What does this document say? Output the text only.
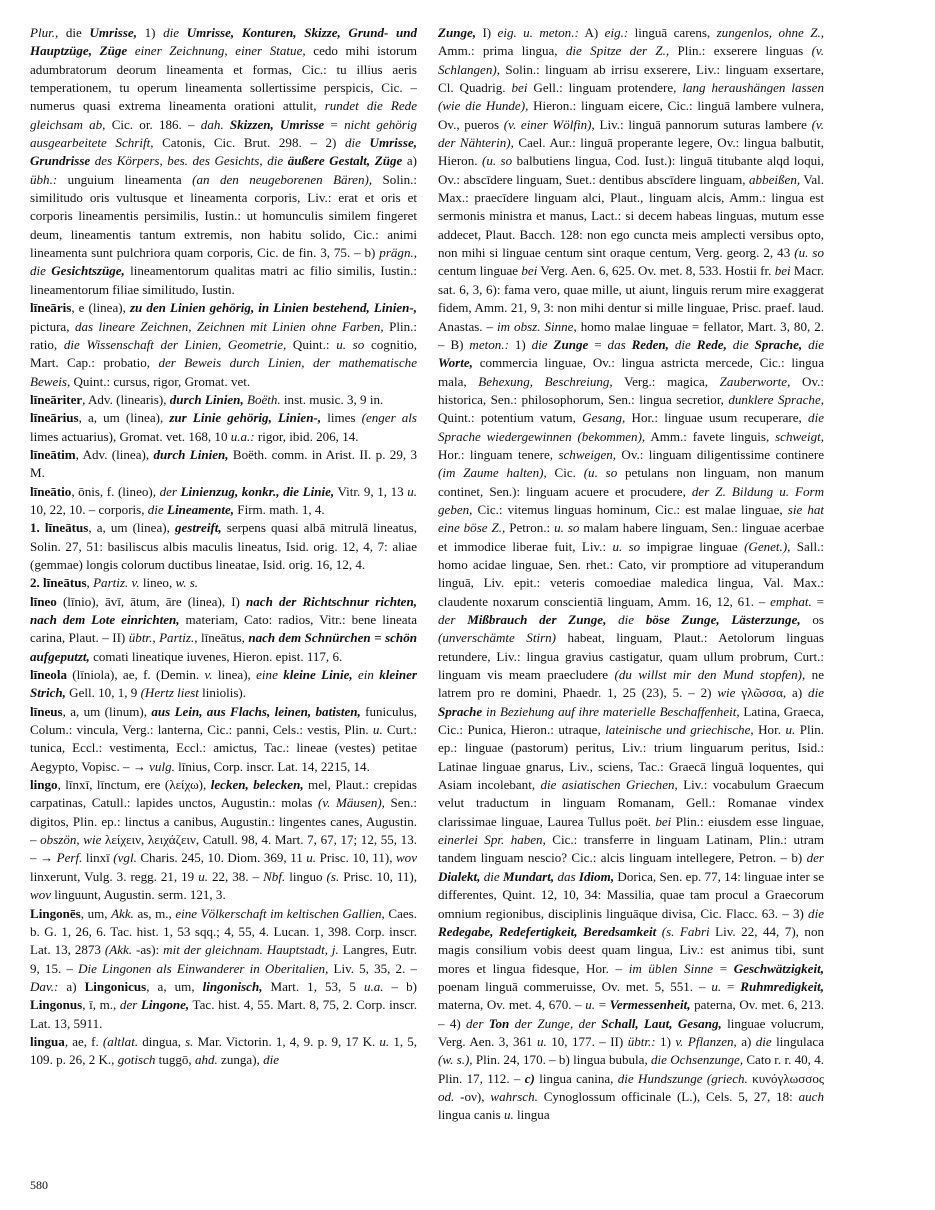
Plur., die Umrisse, 1) die Umrisse, Konturen, Skizze, Grund- und Hauptzüge, Züge einer Zeichnung, einer Statue, cedo mihi istorum adumbratorum deorum lineamenta et formas, Cic.: tu illius aeris temperationem, tu operum lineamenta sollertissime perspicis, Cic. – numerus quasi extrema lineamenta orationi attulit, rundet die Rede gleichsam ab, Cic. or. 186. – dah. Skizzen, Umrisse = nicht gehörig ausgearbeitete Schrift, Catonis, Cic. Brut. 298. – 2) die Umrisse, Grundrisse des Körpers, bes. des Gesichts, die äußere Gestalt, Züge a) übh.: unguium lineamenta (an den neugeborenen Bären), Solin.: similitudo oris vultusque et lineamenta corporis, Liv.: erat et oris et corporis lineamentis persimilis, Iustin.: ut homunculis similem fingeret deum, lineamentis tantum extremis, non habitu solido, Cic.: animi lineamenta sunt pulchriora quam corporis, Cic. de fin. 3, 75. – b) prägn., die Gesichtszüge, lineamentorum qualitas matri ac filio similis, Iustin.: lineamentorum filiae similitudo, Iustin.

līneāris, e (linea), zu den Linien gehörig, in Linien bestehend, Linien-, pictura, das lineare Zeichnen, Zeichnen mit Linien ohne Farben, Plin.: ratio, die Wissenschaft der Linien, Geometrie, Quint.: u. so cognitio, Mart. Cap.: probatio, der Beweis durch Linien, der mathematische Beweis, Quint.: cursus, rigor, Gromat. vet.

līneāriter, Adv. (linearis), durch Linien, Boëth. inst. music. 3, 9 in.

līneārius, a, um (linea), zur Linie gehörig, Linien-, limes (enger als limes actuarius), Gromat. vet. 168, 10 u.a.: rigor, ibid. 206, 14.

līneātim, Adv. (linea), durch Linien, Boëth. comm. in Arist. II. p. 29, 3 M.

līneātio, ōnis, f. (lineo), der Linienzug, konkr., die Linie, Vitr. 9, 1, 13 u. 10, 22, 10. – corporis, die Lineamente, Firm. math. 1, 4.

1. līneātus, a, um (linea), gestreift, serpens quasi albā mitrulā lineatus, Solin. 27, 51: basiliscus albis maculis lineatus, Isid. orig. 12, 4, 7: aliae (gemmae) longis colorum ductibus lineatae, Isid. orig. 16, 12, 4.

2. līneātus, Partiz. v. lineo, w. s.

līneo (līnio), āvī, ātum, āre (linea), I) nach der Richtschnur richten, nach dem Lote einrichten, materiam, Cato: radios, Vitr.: bene lineata carina, Plaut. – II) übtr., Partiz., līneātus, nach dem Schnürchen = schön aufgeputzt, comati lineatique iuvenes, Hieron. epist. 117, 6.

līneola (līniola), ae, f. (Demin. v. linea), eine kleine Linie, ein kleiner Strich, Gell. 10, 1, 9 (Hertz liest liniolis).

līneus, a, um (linum), aus Lein, aus Flachs, leinen, batisten, funiculus, Colum.: vincula, Verg.: lanterna, Cic.: panni, Cels.: vestis, Plin. u. Curt.: tunica, Eccl.: vestimenta, Eccl.: amictus, Tac.: lineae (vestes) petitae Aegypto, Vopisc. – → vulg. līnius, Corp. inscr. Lat. 14, 2215, 14.

lingo, līnxī, līnctum, ere (λείχω), lecken, belecken, mel, Plaut.: crepidas carpatinas, Catull.: lapides unctos, Augustin.: molas (v. Mäusen), Sen.: digitos, Plin. ep.: linctus a canibus, Augustin.: lingentes canes, Augustin. – obszön, wie λείχειν, λειχάζειν, Catull. 98, 4. Mart. 7, 67, 17; 12, 55, 13. – → Perf. linxī (vgl. Charis. 245, 10. Diom. 369, 11 u. Prisc. 10, 11), wov linxerunt, Vulg. 3. regg. 21, 19 u. 22, 38. – Nbf. linguo (s. Prisc. 10, 11), wov linguunt, Augustin. serm. 121, 3.

Lingonēs, um, Akk. as, m., eine Völkerschaft im keltischen Gallien, Caes. b. G. 1, 26, 6. Tac. hist. 1, 53 sqq.; 4, 55, 4. Lucan. 1, 398. Corp. inscr. Lat. 13, 2873 (Akk. -as): mit der gleichnam. Hauptstadt, j. Langres, Eutr. 9, 15. – Die Lingonen als Einwanderer in Oberitalien, Liv. 5, 35, 2. – Dav.: a) Lingonicus, a, um, lingonisch, Mart. 1, 53, 5 u.a. – b) Lingonus, ī, m., der Lingone, Tac. hist. 4, 55. Mart. 8, 75, 2. Corp. inscr. Lat. 13, 5911.

lingua, ae, f. (altlat. dingua, s. Mar. Victorin. 1, 4, 9. p. 9, 17 K. u. 1, 5, 109. p. 26, 2 K., gotisch tuggō, ahd. zunga), die

Zunge, I) eig. u. meton.: A) eig.: linguā carens, zungenlos, ohne Z., Amm.: prima lingua, die Spitze der Z., Plin.: exserere linguas (v. Schlangen), Solin.: linguam ab irrisu exserere, Liv.: linguam exsertare, Cl. Quadrig. bei Gell.: linguam protendere, lang heraushängen lassen (wie die Hunde), Hieron.: linguam eicere, Cic.: linguā lambere vulnera, Ov., pueros (v. einer Wölfin), Liv.: linguā pannorum suturas lambere (v. der Nähterin), Cael. Aur.: linguā properante legere, Ov.: lingua balbutit, Hieron. (u. so balbutiens lingua, Cod. Iust.): linguā titubante alqd loqui, Ov.: abscīdere linguam, Suet.: dentibus abscīdere linguam, abbeißen, Val. Max.: praecīdere linguam alci, Plaut., linguam alcis, Amm.: lingua est sermonis ministra et manus, Lact.: si decem habeas linguas, mutum esse addecet, Plaut. Bacch. 128: non ego cuncta meis amplecti versibus opto, non mihi si linguae centum sint oraque centum, Verg. georg. 2, 43 (u. so centum linguae bei Verg. Aen. 6, 625. Ov. met. 8, 533. Hostii fr. bei Macr. sat. 6, 3, 6): fama vero, quae mille, ut aiunt, linguis rerum mire exaggerat fidem, Amm. 21, 9, 3: non mihi dentur si mille linguae, Prisc. praef. laud. Anastas. – im obsz. Sinne, homo malae linguae = fellator, Mart. 3, 80, 2. – B) meton.: 1) die Zunge = das Reden, die Rede, die Sprache, die Worte, commercia linguae, Ov.: lingua astricta mercede, Cic.: lingua mala, Behexung, Beschreiung, Verg.: magica, Zauberworte, Ov.: historica, Sen.: philosophorum, Sen.: lingua secretior, dunklere Sprache, Quint.: potentium vatum, Gesang, Hor.: linguae usum recuperare, die Sprache wiedergewinnen (bekommen), Amm.: favete linguis, schweigt, Hor.: linguam tenere, schweigen, Ov.: linguam diligentissime continere (im Zaume halten), Cic. (u. so petulans non linguam, non manum continet, Sen.): linguam acuere et procudere, der Z. Bildung u. Form geben, Cic.: vitemus linguas hominum, Cic.: est malae linguae, sie hat eine böse Z., Petron.: u. so malam habere linguam, Sen.: linguae acerbae et immodice liberae fuit, Liv.: u. so impigrae linguae (Genet.), Sall.: homo acidae linguae, Sen. rhet.: Cato, vir promptiore ad vituperandum linguā, Liv. epit.: veteris comoediae maledica lingua, Val. Max.: claudente noxarum conscientiā linguam, Amm. 16, 12, 61. – emphat. = der Mißbrauch der Zunge, die böse Zunge, Lästerzunge, os (unverschämte Stirn) habeat, linguam, Plaut.: Aetolorum linguas retundere, Liv.: lingua gravius castigatur, quam ullum probrum, Curt.: linguam vis meam praecludere (du willst mir den Mund stopfen), ne latrem pro re domini, Phaedr. 1, 25 (23), 5. – 2) wie γλῶσσα, a) die Sprache in Beziehung auf ihre materielle Beschaffenheit, Latina, Graeca, Cic.: Punica, Hieron.: utraque, lateinische und griechische, Hor. u. Plin. ep.: linguae (pastorum) peritus, Liv.: trium linguarum peritus, Isid.: Latinae linguae gnarus, Liv., sciens, Tac.: Graecā linguā loquentes, qui Asiam incolebant, die asiatischen Griechen, Liv.: vocabulum Graecum velut traductum in linguam Romanam, Gell.: Romanae vindex clarissimae linguae, Laurea Tullus poët. bei Plin.: eiusdem esse linguae, einerlei Spr. haben, Cic.: transferre in linguam Latinam, Plin.: utram tandem linguam nescio? Cic.: alcis linguam intellegere, Petron. – b) der Dialekt, die Mundart, das Idiom, Dorica, Sen. ep. 77, 14: linguae inter se differentes, Quint. 12, 10, 34: Massilia, quae tam procul a Graecorum omnium regionibus, disciplinis linguāque divisa, Cic. Flacc. 63. – 3) die Redegabe, Redefertigkeit, Beredsamkeit (s. Fabri Liv. 22, 44, 7), non magis consilium vobis deest quam lingua, Liv.: est animus tibi, sunt mores et lingua fidesque, Hor. – im üblen Sinne = Geschwätzigkeit, poenam linguā commeruisse, Ov. met. 5, 551. – u. = Ruhmredigkeit, materna, Ov. met. 4, 670. – u. = Vermessenheit, paterna, Ov. met. 6, 213. – 4) der Ton der Zunge, der Schall, Laut, Gesang, linguae volucrum, Verg. Aen. 3, 361 u. 10, 177. – II) übtr.: 1) v. Pflanzen, a) die lingulaca (w. s.), Plin. 24, 170. – b) lingua bubula, die Ochsenzunge, Cato r. r. 40, 4. Plin. 17, 112. – c) lingua canina, die Hundszunge (griech. κυνόγλωσσος od. -ον), wahrsch. Cynoglossum officinale (L.), Cels. 5, 27, 18: auch lingua canis u. lingua

580
